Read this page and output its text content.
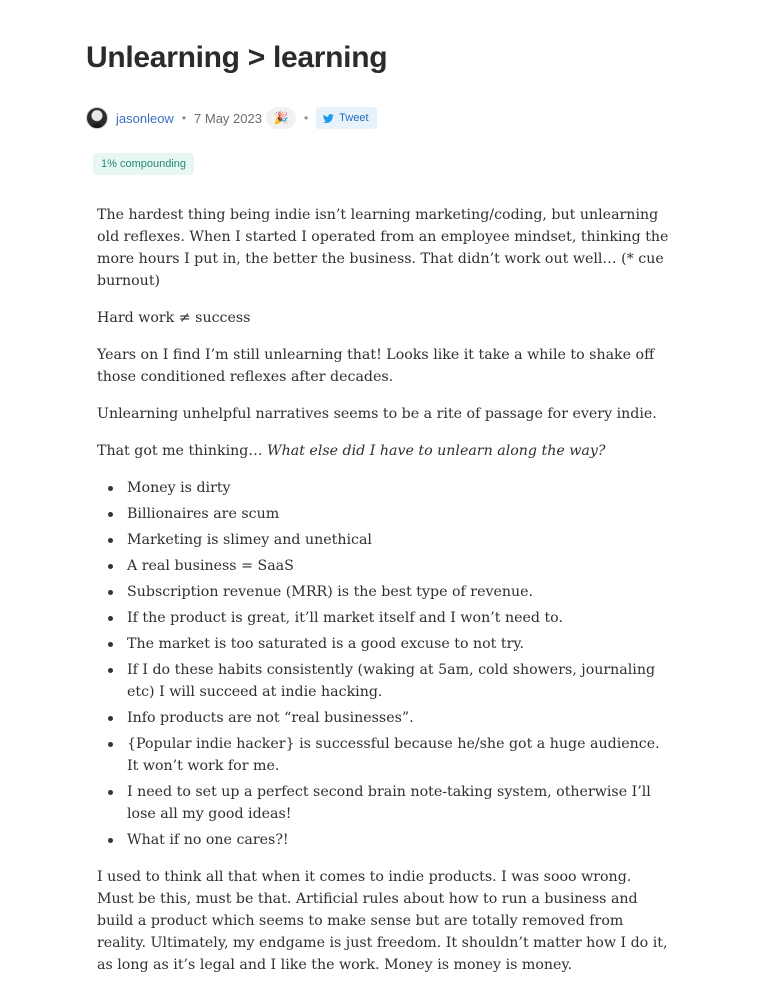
Unlearning > learning
jasonleow • 7 May 2023 🎉 •	Tweet
1% compounding

The hardest thing being indie isn’t learning marketing/coding, but unlearning old reflexes. When I started I operated from an employee mindset, thinking the more hours I put in, the better the business. That didn’t work out well… (* cue burnout)

Hard work ≠ success

Years on I find I’m still unlearning that! Looks like it take a while to shake off those conditioned reflexes after decades.

Unlearning unhelpful narratives seems to be a rite of passage for every indie.

That got me thinking… What else did I have to unlearn along the way?

Money is dirty
Billionaires are scum
Marketing is slimey and unethical
A real business = SaaS
Subscription revenue (MRR) is the best type of revenue.
If the product is great, it’ll market itself and I won’t need to.
The market is too saturated is a good excuse to not try.
If I do these habits consistently (waking at 5am, cold showers, journaling etc) I will succeed at indie hacking.
Info products are not “real businesses”.
{Popular indie hacker} is successful because he/she got a huge audience. It won’t work for me.
I need to set up a perfect second brain note-taking system, otherwise I’ll lose all my good ideas!
What if no one cares?!

I used to think all that when it comes to indie products. I was sooo wrong. Must be this, must be that. Artificial rules about how to run a business and build a product which seems to make sense but are totally removed from reality. Ultimately, my endgame is just freedom. It shouldn’t matter how I do it, as long as it’s legal and I like the work. Money is money is money.
